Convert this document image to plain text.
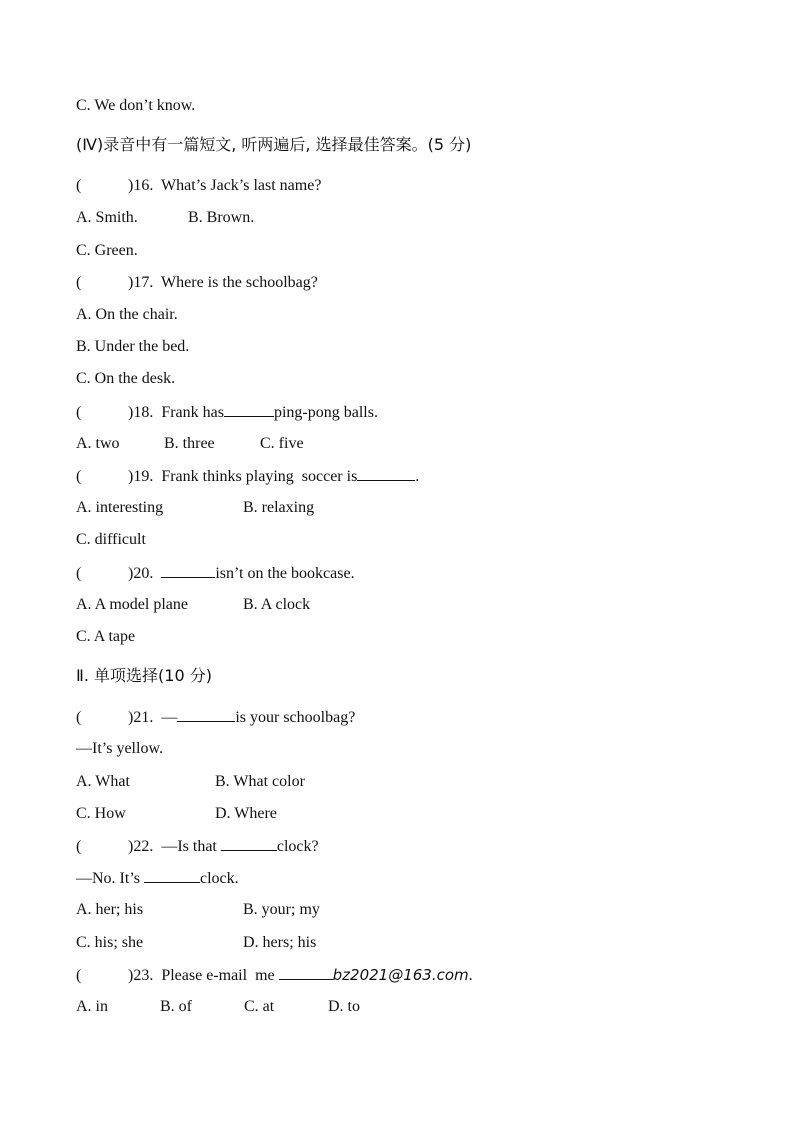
C. We don’t know.
(Ⅳ)录音中有一篇短文, 听两遍后, 选择最佳答案。(5 分)
(	)16.  What’s Jack’s last name?
A. Smith.	B. Brown.
C. Green.
(	)17.  Where is the schoolbag?
A. On the chair.
B. Under the bed.
C. On the desk.
(	)18.  Frank has	ping-pong balls.
A. two	B. three	C. five
(	)19.  Frank thinks playing  soccer is	.
A. interesting	B. relaxing
C. difficult
(	)20.	isn’t on the bookcase.
A. A model plane	B. A clock
C. A tape
Ⅱ. 单项选择(10 分)
(	)21.  —	is your schoolbag?
—It’s yellow.
A. What	B. What color
C. How	D. Where
(	)22.  —Is that	clock?
—No. It’s	clock.
A. her; his	B. your; my
C. his; she	D. hers; his
(	)23.  Please e-mail  me	bz2021@163.com.
A. in	B. of	C. at	D. to
